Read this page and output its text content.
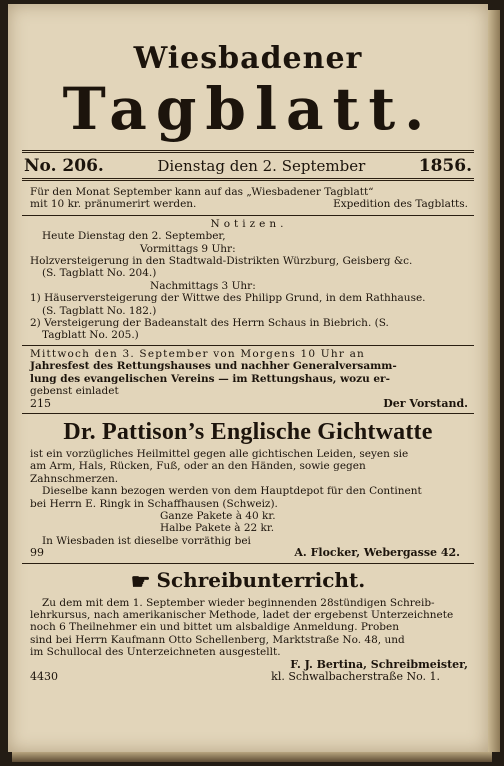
Wiesbadener
Tagblatt.
No. 206.	Dienstag den 2. September	1856.
Für den Monat September kann auf das „Wiesbadener Tagblatt“
mit 10 kr. pränumerirt werden.	Expedition des Tagblatts.
Notizen.
Heute Dienstag den 2. September,
Vormittags 9 Uhr:
Holzversteigerung in den Stadtwald-Distrikten Würzburg, Geisberg &c.
(S. Tagblatt No. 204.)
Nachmittags 3 Uhr:
1) Häuserversteigerung der Wittwe des Philipp Grund, in dem Rathhause.
(S. Tagblatt No. 182.)
2) Versteigerung der Badeanstalt des Herrn Schaus in Biebrich. (S.
Tagblatt No. 205.)
Mittwoch den 3. September von Morgens 10 Uhr an
Jahresfest des Rettungshauses und nachher Generalversamm-
lung des evangelischen Vereins — im Rettungshaus, wozu er-
gebenst einladet
215	Der Vorstand.
Dr. Pattison’s Englische Gichtwatte
ist ein vorzügliches Heilmittel gegen alle gichtischen Leiden, seyen sie
am Arm, Hals, Rücken, Fuß, oder an den Händen, sowie gegen
Zahnschmerzen.
Dieselbe kann bezogen werden von dem Hauptdepot für den Continent
bei Herrn E. Ringk in Schaffhausen (Schweiz).
Ganze Pakete à 40 kr.
Halbe Pakete à 22 kr.
In Wiesbaden ist dieselbe vorräthig bei
99	A. Flocker, Webergasse 42.
☛ Schreibunterricht.
Zu dem mit dem 1. September wieder beginnenden 28stündigen Schreib-
lehrkursus, nach amerikanischer Methode, ladet der ergebenst Unterzeichnete
noch 6 Theilnehmer ein und bittet um alsbaldige Anmeldung. Proben
sind bei Herrn Kaufmann Otto Schellenberg, Marktstraße No. 48, und
im Schullocal des Unterzeichneten ausgestellt.
F. J. Bertina, Schreibmeister,
4430	kl. Schwalbacherstraße No. 1.
